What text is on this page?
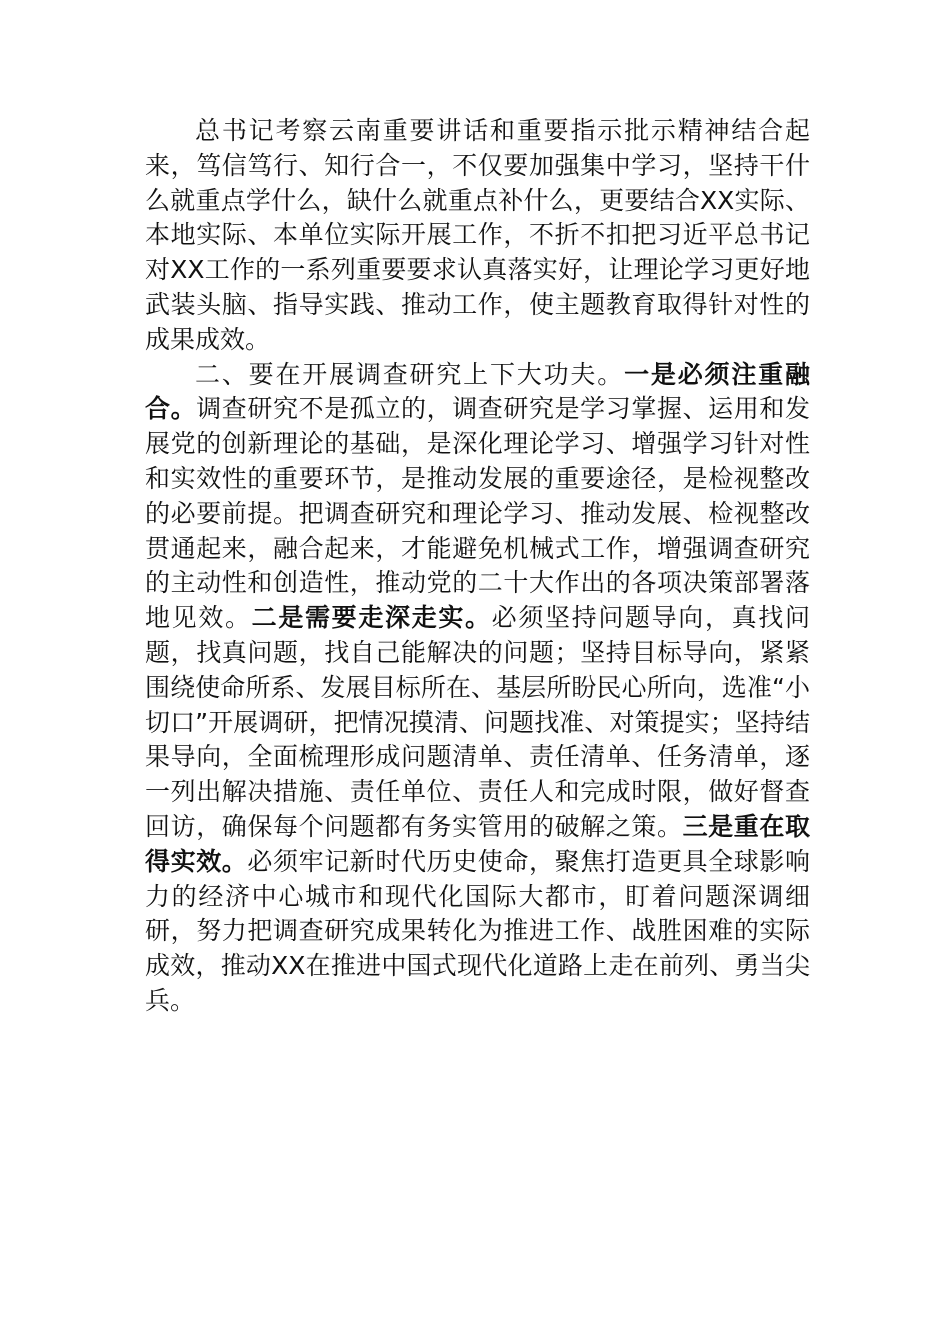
总书记考察云南重要讲话和重要指示批示精神结合起来，笃信笃行、知行合一，不仅要加强集中学习，坚持干什么就重点学什么，缺什么就重点补什么，更要结合XX实际、本地实际、本单位实际开展工作，不折不扣把习近平总书记对XX工作的一系列重要要求认真落实好，让理论学习更好地武装头脑、指导实践、推动工作，使主题教育取得针对性的成果成效。

二、要在开展调查研究上下大功夫。一是必须注重融合。调查研究不是孤立的，调查研究是学习掌握、运用和发展党的创新理论的基础，是深化理论学习、增强学习针对性和实效性的重要环节，是推动发展的重要途径，是检视整改的必要前提。把调查研究和理论学习、推动发展、检视整改贯通起来，融合起来，才能避免机械式工作，增强调查研究的主动性和创造性，推动党的二十大作出的各项决策部署落地见效。二是需要走深走实。必须坚持问题导向，真找问题，找真问题，找自己能解决的问题；坚持目标导向，紧紧围绕使命所系、发展目标所在、基层所盼民心所向，选准“小切口”开展调研，把情况摸清、问题找准、对策提实；坚持结果导向，全面梳理形成问题清单、责任清单、任务清单，逐一列出解决措施、责任单位、责任人和完成时限，做好督查回访，确保每个问题都有务实管用的破解之策。三是重在取得实效。必须牢记新时代历史使命，聚焦打造更具全球影响力的经济中心城市和现代化国际大都市，盯着问题深调细研，努力把调查研究成果转化为推进工作、战胜困难的实际成效，推动XX在推进中国式现代化道路上走在前列、勇当尖兵。
